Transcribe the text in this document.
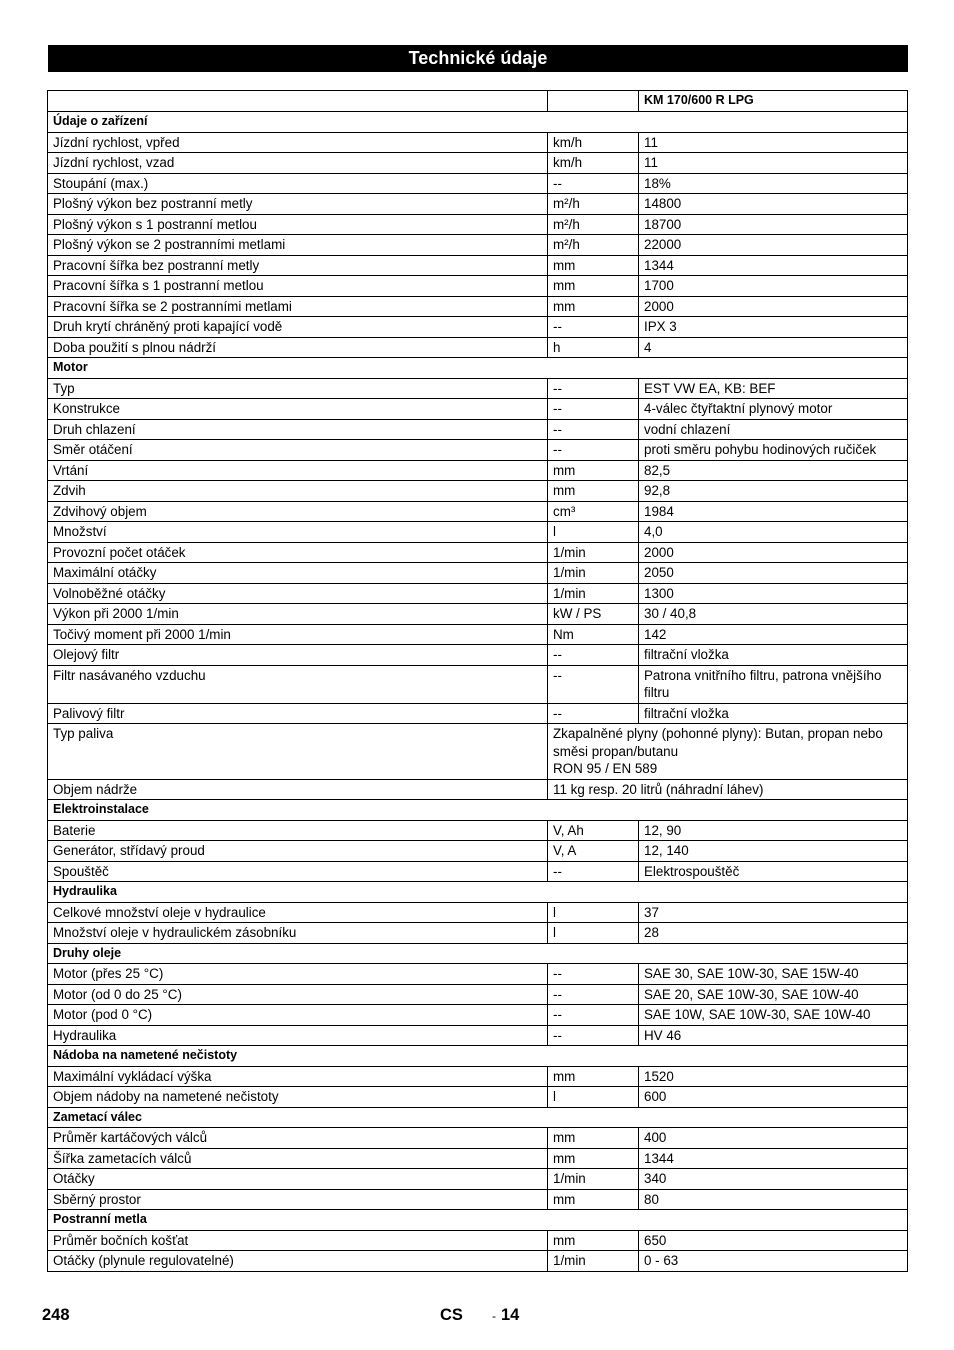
Technické údaje
		KM 170/600 R LPG
Údaje o zařízení		
Jízdní rychlost, vpřed	km/h	11
Jízdní rychlost, vzad	km/h	11
Stoupání (max.)	--	18%
Plošný výkon bez postranní metly	m²/h	14800
Plošný výkon s 1 postranní metlou	m²/h	18700
Plošný výkon se 2 postranními metlami	m²/h	22000
Pracovní šířka bez postranní metly	mm	1344
Pracovní šířka s 1 postranní metlou	mm	1700
Pracovní šířka se 2 postranními metlami	mm	2000
Druh krytí chráněný proti kapající vodě	--	IPX 3
Doba použití s plnou nádrží	h	4
Motor		
Typ	--	EST VW EA, KB: BEF
Konstrukce	--	4-válec čtyřtaktní plynový motor
Druh chlazení	--	vodní chlazení
Směr otáčení	--	proti směru pohybu hodinových ručiček
Vrtání	mm	82,5
Zdvih	mm	92,8
Zdvihový objem	cm³	1984
Množství	l	4,0
Provozní počet otáček	1/min	2000
Maximální otáčky	1/min	2050
Volnoběžné otáčky	1/min	1300
Výkon při 2000 1/min	kW / PS	30 / 40,8
Točivý moment při 2000 1/min	Nm	142
Olejový filtr	--	filtrační vložka
Filtr nasávaného vzduchu	--	Patrona vnitřního filtru, patrona vnějšího filtru
Palivový filtr	--	filtrační vložka
Typ paliva	Zkapalněné plyny (pohonné plyny): Butan, propan nebo směsi propan/butanu
RON 95 / EN 589	

Objem nádrže	11 kg resp. 20 litrů (náhradní láhev)	

Elektroinstalace		
Baterie	V, Ah	12, 90
Generátor, střídavý proud	V, A	12, 140
Spouštěč	--	Elektrospouštěč
Hydraulika		
Celkové množství oleje v hydraulice	l	37
Množství oleje v hydraulickém zásobníku	l	28
Druhy oleje		
Motor (přes 25 °C)	--	SAE 30, SAE 10W-30, SAE 15W-40
Motor (od 0 do 25 °C)	--	SAE 20, SAE 10W-30, SAE 10W-40
Motor (pod 0 °C)	--	SAE 10W, SAE 10W-30, SAE 10W-40
Hydraulika	--	HV 46
Nádoba na nametené nečistoty		
Maximální vykládací výška	mm	1520
Objem nádoby na nametené nečistoty	l	600
Zametací válec		
Průměr kartáčových válců	mm	400
Šířka zametacích válců	mm	1344
Otáčky	1/min	340
Sběrný prostor	mm	80
Postranní metla		
Průměr bočních košťat	mm	650
Otáčky (plynule regulovatelné)	1/min	0 - 63
248	CS - 14
